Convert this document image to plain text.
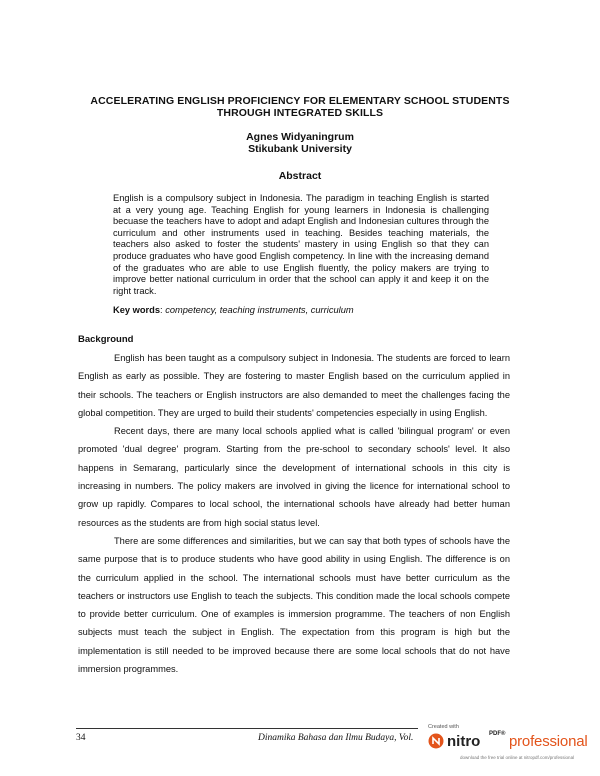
ACCELERATING ENGLISH PROFICIENCY FOR ELEMENTARY SCHOOL STUDENTS
THROUGH INTEGRATED SKILLS
Agnes Widyaningrum
Stikubank University
Abstract
English is a compulsory subject in Indonesia. The paradigm in teaching English is started at a very young age. Teaching English for young learners in Indonesia is challenging becuase the teachers have to adopt and adapt English and Indonesian cultures through the curriculum and other instruments used in teaching. Besides teaching materials, the teachers also asked to foster the students' mastery in using English so that they can produce graduates who have good English competency. In line with the increasing demand of the graduates who are able to use English fluently, the policy makers are trying to improve better national curriculum in order that the school can apply it and keep it on the right track.
Key words: competency, teaching instruments, curriculum
Background

English has been taught as a compulsory subject in Indonesia. The students are forced to learn English as early as possible. They are fostering to master English based on the curriculum applied in their schools. The teachers or English instructors are also demanded to meet the challenges facing the global competition. They are urged to build their students' competencies especially in using English.

Recent days, there are many local schools applied what is called 'bilingual program' or even promoted 'dual degree' program. Starting from the pre-school to secondary schools' level. It also happens in Semarang, particularly since the development of international schools in this city is increasing in numbers. The policy makers are involved in giving the licence for international school to grow up rapidly. Compares to local school, the international schools have already had better human resources as the students are from high social status level.

There are some differences and similarities, but we can say that both types of schools have the same purpose that is to produce students who have good ability in using English. The difference is on the curriculum applied in the school. The international schools must have better curriculum as the teachers or instructors use English to teach the subjects. This condition made the local schools compete to provide better curriculum. One of examples is immersion programme. The teachers of non English subjects must teach the subject in English. The expectation from this program is high but the implementation is still needed to be improved because there are some local schools that do not have immersion programmes.

34	Dinamika Bahasa dan Ilmu Budaya, Vol.
Created with
nitro PDF® professional
download the free trial online at nitropdf.com/professional
